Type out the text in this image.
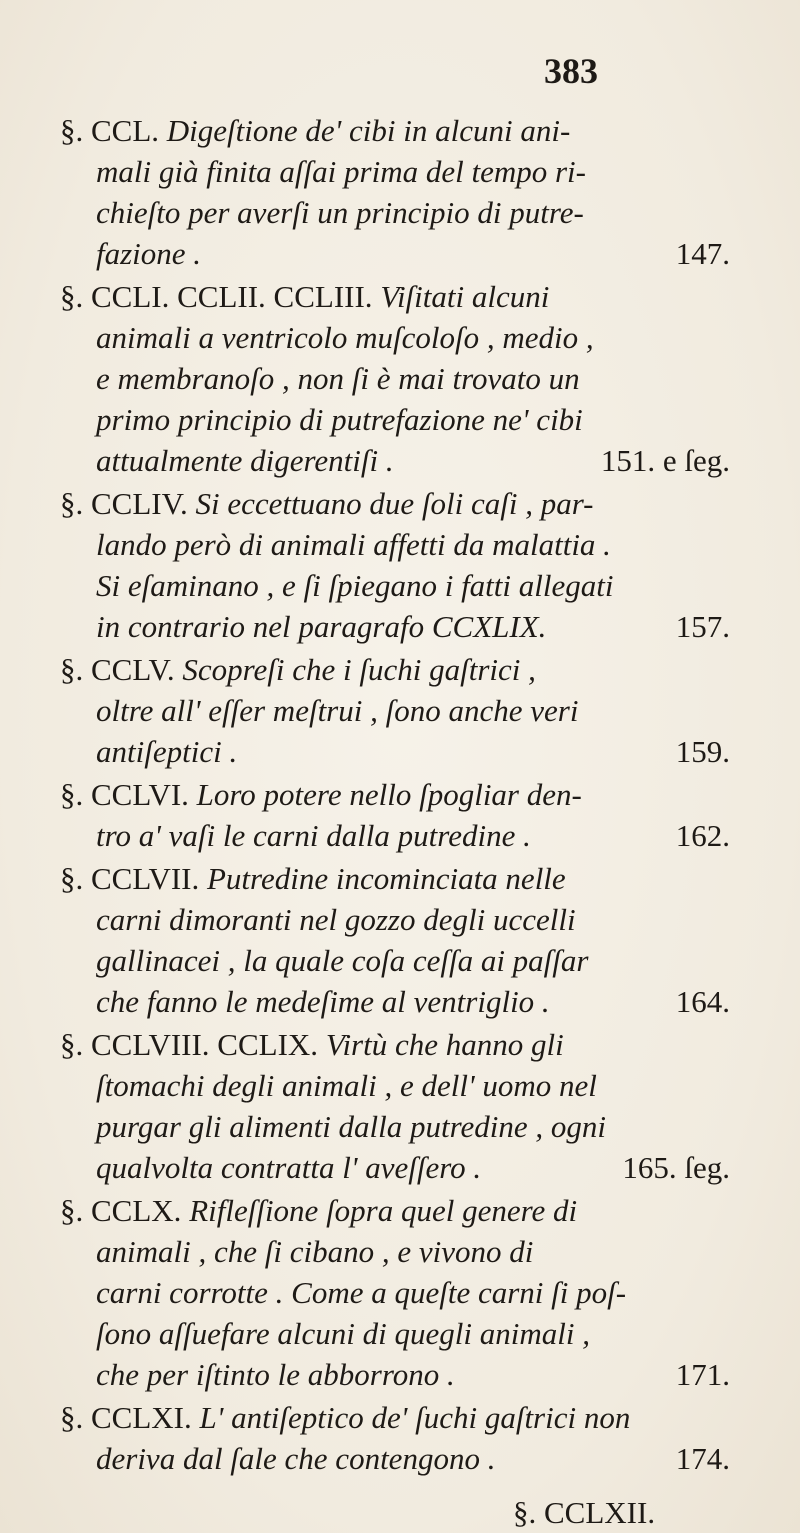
383
§. CCL. Digeſtione de' cibi in alcuni ani-
mali già finita aſſai prima del tempo ri-
chieſto per averſi un principio di putre-
fazione .	147.
§. CCLI. CCLII. CCLIII. Viſitati alcuni
animali a ventricolo muſcoloſo , medio ,
e membranoſo , non ſi è mai trovato un
primo principio di putrefazione ne' cibi
attualmente digerentiſi .	151. e ſeg.
§. CCLIV. Si eccettuano due ſoli caſi , par-
lando però di animali affetti da malattia .
Si eſaminano , e ſi ſpiegano i fatti allegati
in contrario nel paragrafo CCXLIX.	157.
§. CCLV. Scopreſi che i ſuchi gaſtrici ,
oltre all' eſſer meſtrui , ſono anche veri
antiſeptici .	159.
§. CCLVI. Loro potere nello ſpogliar den-
tro a' vaſi le carni dalla putredine .	162.
§. CCLVII. Putredine incominciata nelle
carni dimoranti nel gozzo degli uccelli
gallinacei , la quale coſa ceſſa ai paſſar
che fanno le medeſime al ventriglio .	164.
§. CCLVIII. CCLIX. Virtù che hanno gli
ſtomachi degli animali , e dell' uomo nel
purgar gli alimenti dalla putredine , ogni
qualvolta contratta l' aveſſero .	165. ſeg.
§. CCLX. Rifleſſione ſopra quel genere di
animali , che ſi cibano , e vivono di
carni corrotte . Come a queſte carni ſi poſ-
ſono aſſuefare alcuni di quegli animali ,
che per iſtinto le abborrono .	171.
§. CCLXI. L' antiſeptico de' ſuchi gaſtrici non
deriva dal ſale che contengono .	174.
§. CCLXII.
